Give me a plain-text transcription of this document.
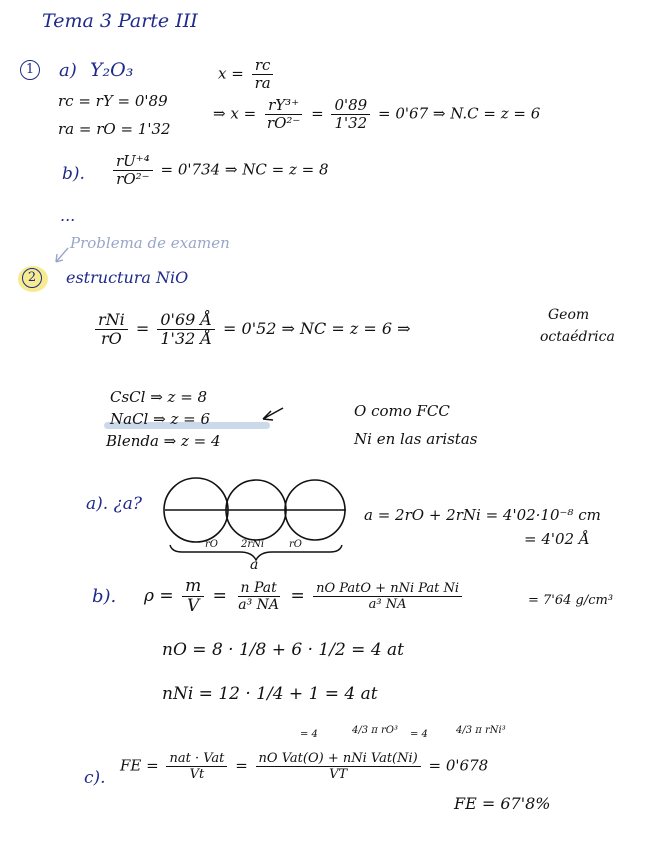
Tema 3 Parte III
1	a) Y₂O₃	$x = \frac{rc}{ra}$
rc = rY = 0'89
ra = rO = 1'32
⇒ $x = \frac{\text{rY³⁺}}{\text{rO²⁻}} = \frac{0'89}{1'32} = 0'67$ ⇒ N.C = z = 6
b). $\frac{\text{rU⁺⁴}}{\text{rO²⁻}} = 0'734$ ⇒ NC = z = 8
...
Problema de examen
2	estructura NiO
$\frac{\text{rNi}}{rO} = \frac{0'69 Å}{1'32 Å} = 0'52$ ⇒ NC = z = 6 ⇒
Geom
octaédrica
CsCl ⇒ z = 8
NaCl ⇒ z = 6
Blenda ⇒ z = 4
O como FCC
Ni en las aristas
a). ¿a?
a = 2rO + 2rNi = 4'02·10⁻⁸ cm
= 4'02 Å
rO 2rNi rO
a
b). $\rho = \frac{m}{V} = \frac{\text{n Pat}}{\text{a³ NA}} = \frac{\text{nO PatO + nNi Pat Ni}}{\text{a³ NA}}$	= 7'64 g/cm³
nO = 8 · 1/8 + 6 · 1/2 = 4 at
nNi = 12 · 1/4 + 1 = 4 at
= 4	4/3 π rO³ = 4	4/3 π rNi³
c).
FE = $\frac{\text{nat · Vat}}{Vt} = \frac{\text{nO Vat(O) + nNi Vat(Ni)}}{VT} = 0'678$
FE = 67'8%
